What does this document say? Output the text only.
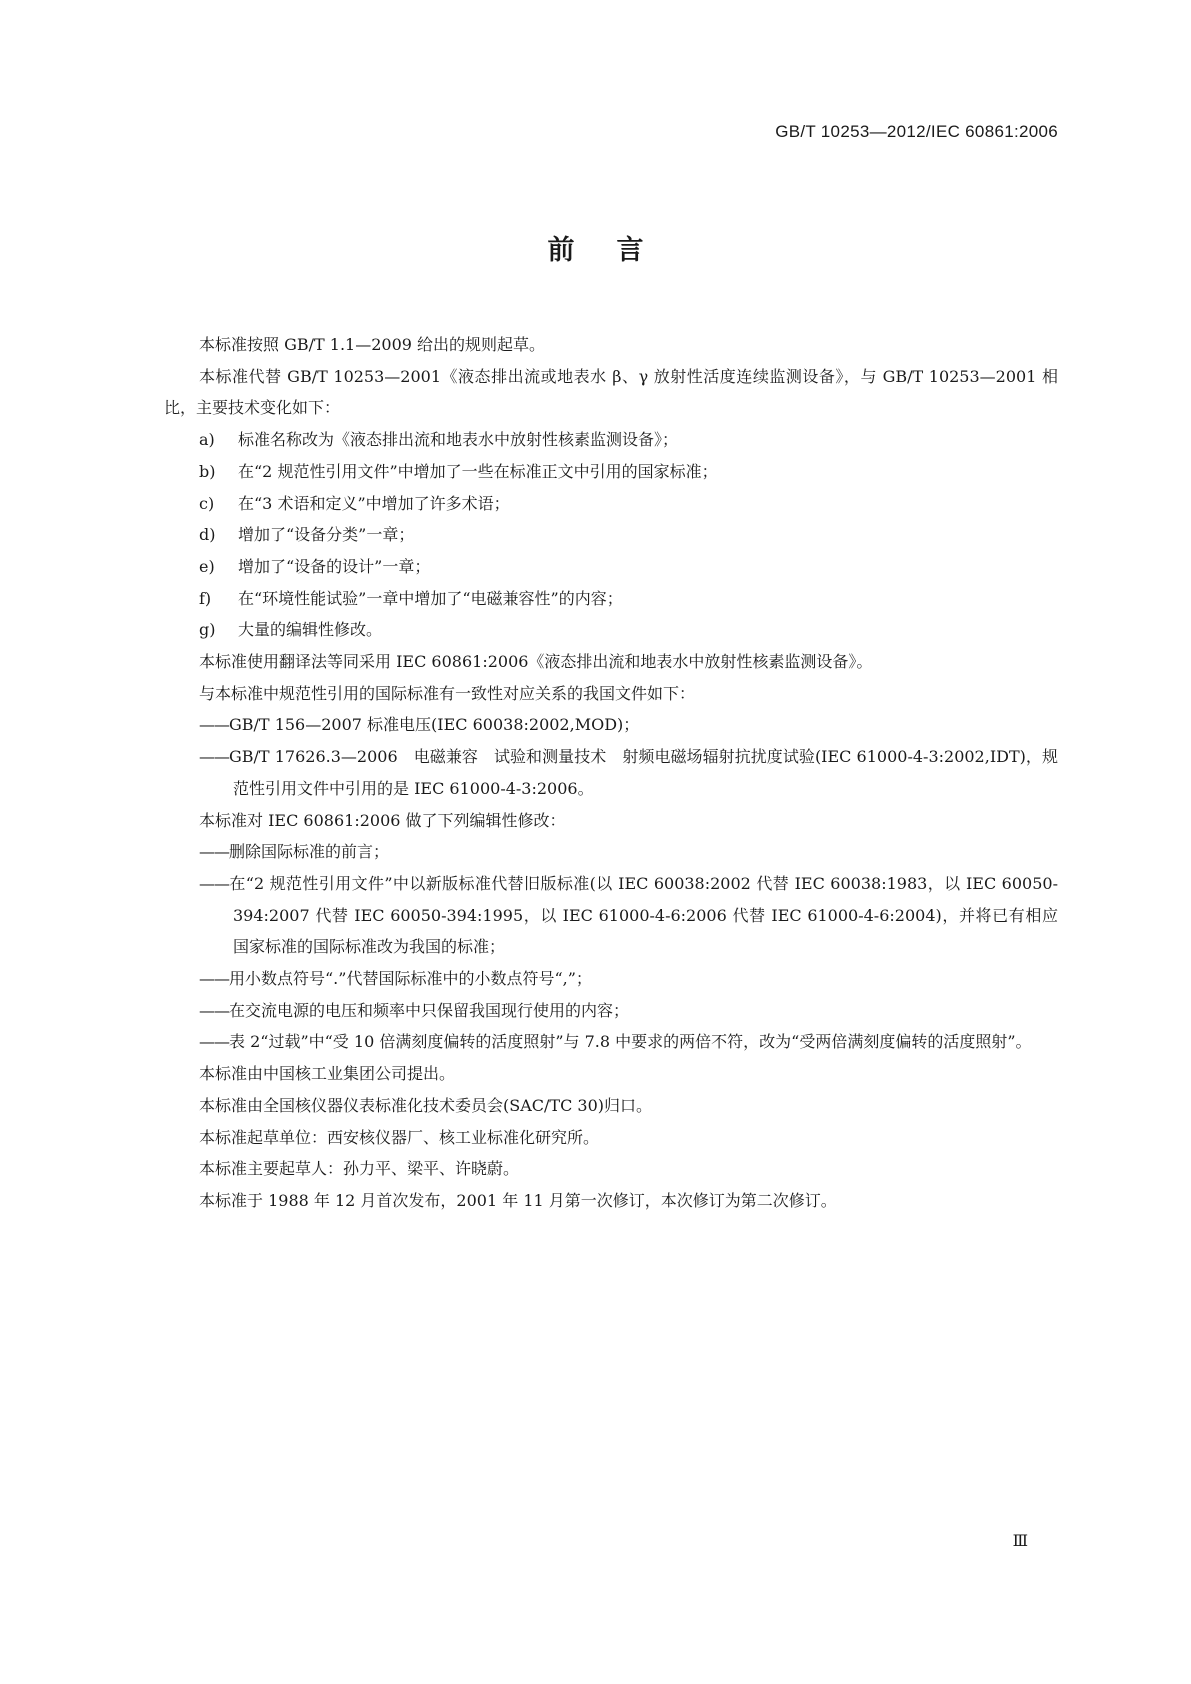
GB/T 10253—2012/IEC 60861:2006
前言

本标准按照 GB/T 1.1—2009 给出的规则起草。

本标准代替 GB/T 10253—2001《液态排出流或地表水 β、γ 放射性活度连续监测设备》，与 GB/T 10253—2001 相比，主要技术变化如下：

a) 标准名称改为《液态排出流和地表水中放射性核素监测设备》；

b) 在“2 规范性引用文件”中增加了一些在标准正文中引用的国家标准；

c) 在“3 术语和定义”中增加了许多术语；

d) 增加了“设备分类”一章；

e) 增加了“设备的设计”一章；

f) 在“环境性能试验”一章中增加了“电磁兼容性”的内容；

g) 大量的编辑性修改。

本标准使用翻译法等同采用 IEC 60861:2006《液态排出流和地表水中放射性核素监测设备》。

与本标准中规范性引用的国际标准有一致性对应关系的我国文件如下：

——GB/T 156—2007 标准电压(IEC 60038:2002,MOD)；

——GB/T 17626.3—2006　电磁兼容　试验和测量技术　射频电磁场辐射抗扰度试验(IEC 61000-4-3:2002,IDT)，规范性引用文件中引用的是 IEC 61000-4-3:2006。

本标准对 IEC 60861:2006 做了下列编辑性修改：

——删除国际标准的前言；

——在“2 规范性引用文件”中以新版标准代替旧版标准(以 IEC 60038:2002 代替 IEC 60038:1983，以 IEC 60050-394:2007 代替 IEC 60050-394:1995，以 IEC 61000-4-6:2006 代替 IEC 61000-4-6:2004)，并将已有相应国家标准的国际标准改为我国的标准；

——用小数点符号“.”代替国际标准中的小数点符号“,”；

——在交流电源的电压和频率中只保留我国现行使用的内容；

——表 2“过载”中“受 10 倍满刻度偏转的活度照射”与 7.8 中要求的两倍不符，改为“受两倍满刻度偏转的活度照射”。

本标准由中国核工业集团公司提出。

本标准由全国核仪器仪表标准化技术委员会(SAC/TC 30)归口。

本标准起草单位：西安核仪器厂、核工业标准化研究所。

本标准主要起草人：孙力平、梁平、许晓蔚。

本标准于 1988 年 12 月首次发布，2001 年 11 月第一次修订，本次修订为第二次修订。

Ⅲ
